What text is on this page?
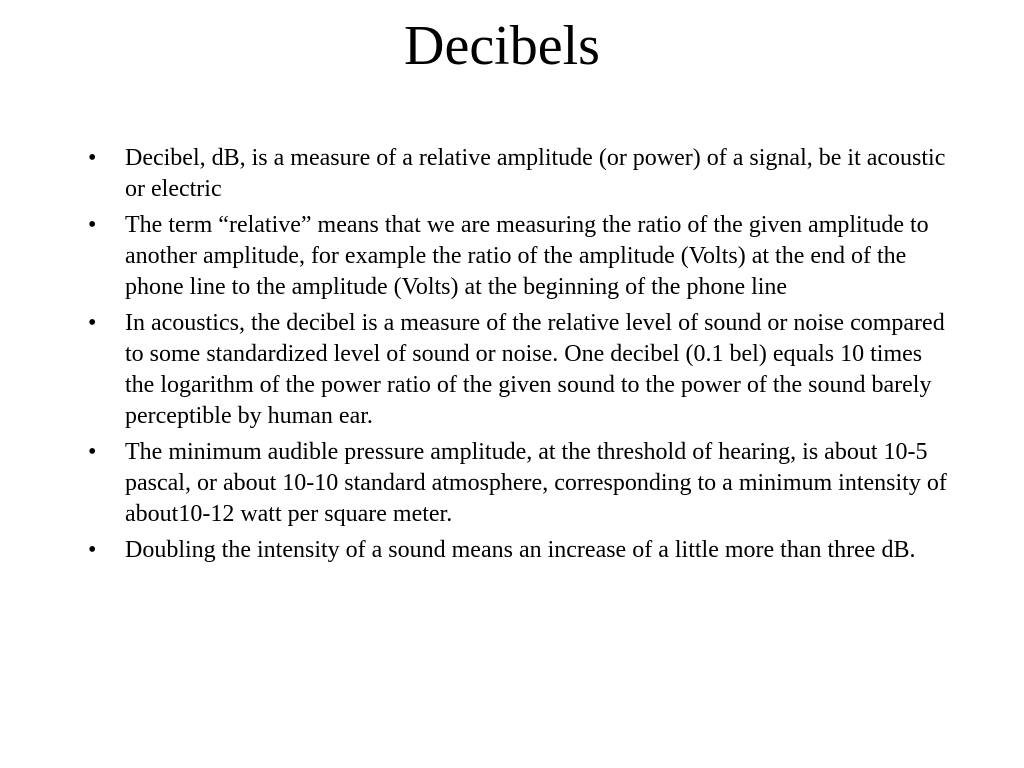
Decibels
•	Decibel, dB, is a measure of a relative amplitude (or power) of a signal, be it acoustic or electric
•	The term “relative” means that we are measuring the ratio of the given amplitude to another amplitude, for example the ratio of the amplitude (Volts) at the end of the phone line to the amplitude (Volts) at the beginning of the phone line
•	In acoustics, the decibel is a measure of the relative level of sound or noise compared to some standardized level of sound or noise. One decibel (0.1 bel) equals 10 times the logarithm of the power ratio of the given sound to the power of the sound barely perceptible by human ear.
•	The minimum audible pressure amplitude, at the threshold of hearing, is about 10-5 pascal, or about 10-10 standard atmosphere, corresponding to a minimum intensity of about10-12 watt per square meter.
•	Doubling the intensity of a sound means an increase of a little more than three dB.
